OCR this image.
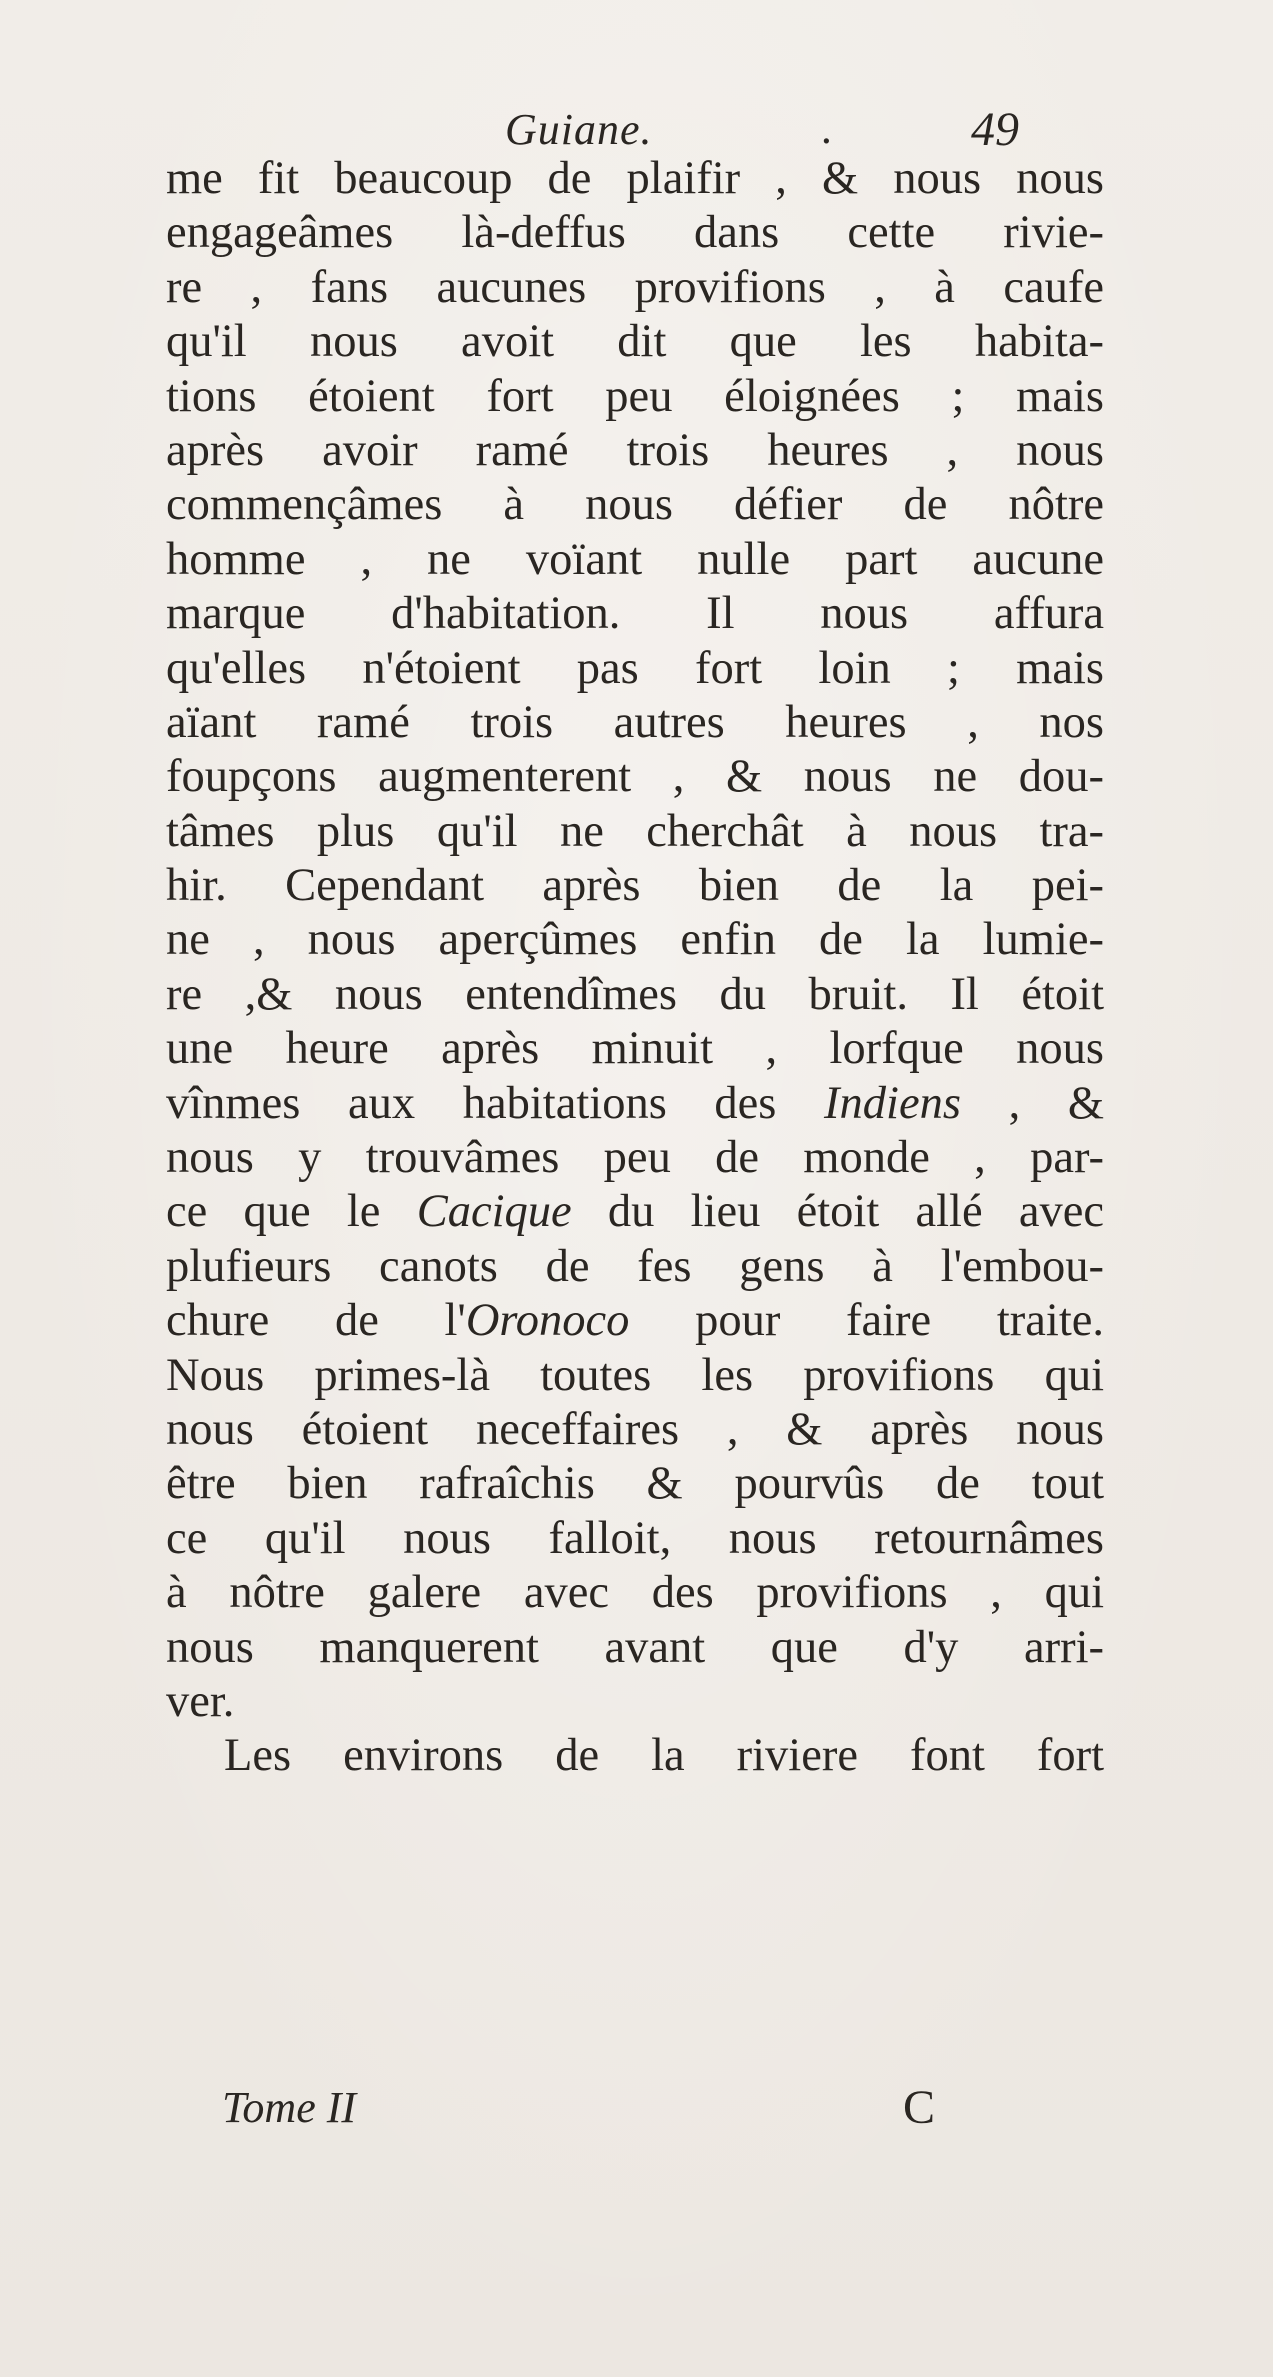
Guiane.	.	49
me fit beaucoup de plaifir , & nous nous
engageâmes là-deffus dans cette rivie-
re , fans aucunes provifions , à caufe
qu'il nous avoit dit que les habita-
tions étoient fort peu éloignées ; mais
après avoir ramé trois heures , nous
commençâmes à nous défier de nôtre
homme , ne voïant nulle part aucune
marque d'habitation. Il nous affura
qu'elles n'étoient pas fort loin ; mais
aïant ramé trois autres heures , nos
foupçons augmenterent , & nous ne dou-
tâmes plus qu'il ne cherchât à nous tra-
hir. Cependant après bien de la pei-
ne , nous aperçûmes enfin de la lumie-
re ,& nous entendîmes du bruit. Il étoit
une heure après minuit , lorfque nous
vînmes aux habitations des Indiens , &
nous y trouvâmes peu de monde , par-
ce que le Cacique du lieu étoit allé avec
plufieurs canots de fes gens à l'embou-
chure de l'Oronoco pour faire traite.
Nous primes-là toutes les provifions qui
nous étoient neceffaires , & après nous
être bien rafraîchis & pourvûs de tout
ce qu'il nous falloit, nous retournâmes
à nôtre galere avec des provifions , qui
nous manquerent avant que d'y arri-
ver.
Les environs de la riviere font fort
Tome II	C
